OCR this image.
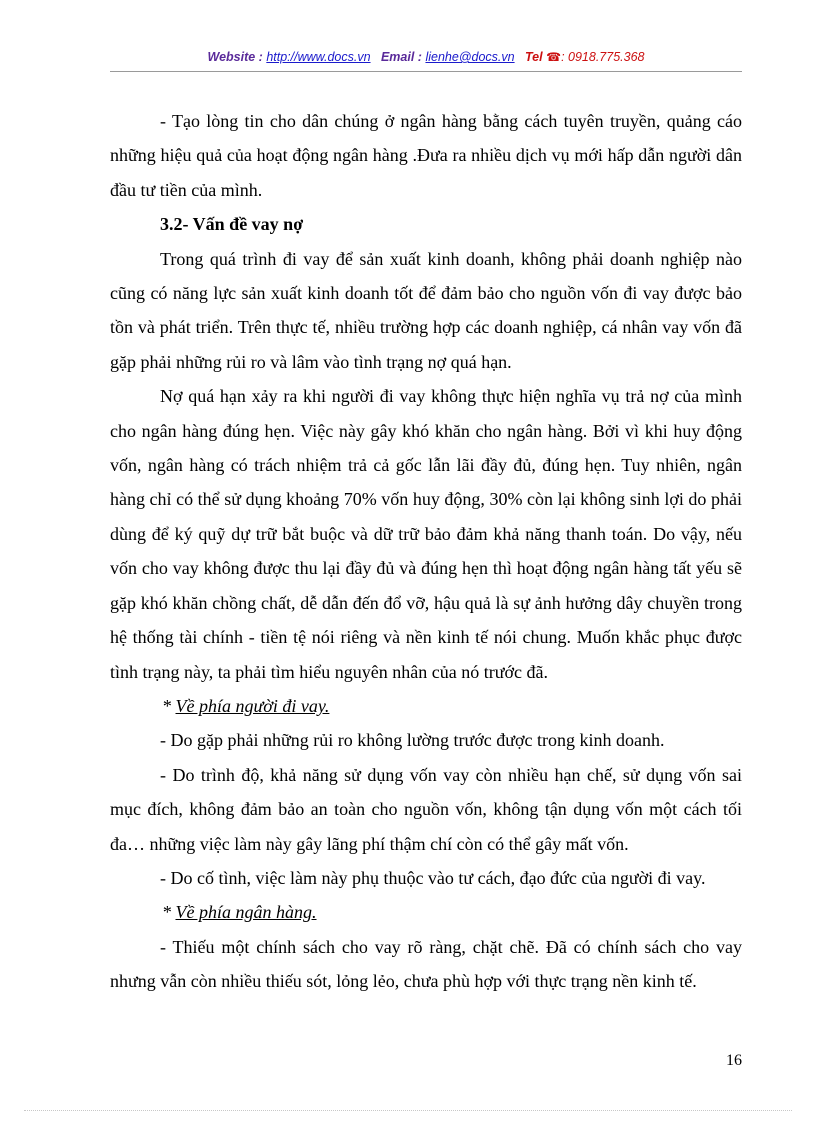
Website : http://www.docs.vn Email : lienhe@docs.vn Tel ☎: 0918.775.368

- Tạo lòng tin cho dân chúng ở ngân hàng bằng cách tuyên truyền, quảng cáo những hiệu quả của hoạt động ngân hàng .Đưa ra nhiều dịch vụ mới hấp dẫn người dân đầu tư tiền của mình.

3.2- Vấn đề vay nợ

Trong quá trình đi vay để sản xuất kinh doanh, không phải doanh nghiệp nào cũng có năng lực sản xuất kinh doanh tốt để đảm bảo cho nguồn vốn đi vay được bảo tồn và phát triển. Trên thực tế, nhiều trường hợp các doanh nghiệp, cá nhân vay vốn đã gặp phải những rủi ro và lâm vào tình trạng nợ quá hạn.

Nợ quá hạn xảy ra khi người đi vay không thực hiện nghĩa vụ trả nợ của mình cho ngân hàng đúng hẹn. Việc này gây khó khăn cho ngân hàng. Bởi vì khi huy động vốn, ngân hàng có trách nhiệm trả cả gốc lẫn lãi đầy đủ, đúng hẹn. Tuy nhiên, ngân hàng chỉ có thể sử dụng khoảng 70% vốn huy động, 30% còn lại không sinh lợi do phải dùng để ký quỹ dự trữ bắt buộc và dữ trữ bảo đảm khả năng thanh toán. Do vậy, nếu vốn cho vay không được thu lại đầy đủ và đúng hẹn thì hoạt động ngân hàng tất yếu sẽ gặp khó khăn chồng chất, dễ dẫn đến đổ vỡ, hậu quả là sự ảnh hưởng dây chuyền trong hệ thống tài chính - tiền tệ nói riêng và nền kinh tế nói chung. Muốn khắc phục được tình trạng này, ta phải tìm hiểu nguyên nhân của nó trước đã.

* Về phía người đi vay.

- Do gặp phải những rủi ro không lường trước được trong kinh doanh.

- Do trình độ, khả năng sử dụng vốn vay còn nhiều hạn chế, sử dụng vốn sai mục đích, không đảm bảo an toàn cho nguồn vốn, không tận dụng vốn một cách tối đa… những việc làm này gây lãng phí thậm chí còn có thể gây mất vốn.

- Do cố tình, việc làm này phụ thuộc vào tư cách, đạo đức của người đi vay.

* Về phía ngân hàng.

- Thiếu một chính sách cho vay rõ ràng, chặt chẽ. Đã có chính sách cho vay nhưng vẫn còn nhiều thiếu sót, lỏng lẻo, chưa phù hợp với thực trạng nền kinh tế.

16
